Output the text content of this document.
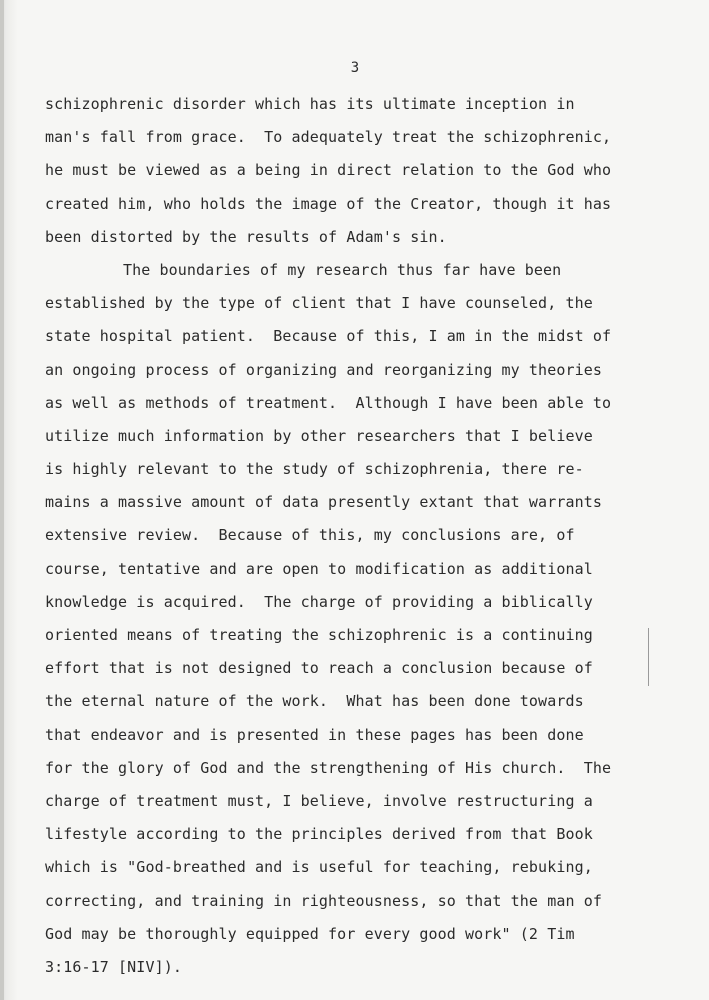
3
schizophrenic disorder which has its ultimate inception in
man's fall from grace.  To adequately treat the schizophrenic,
he must be viewed as a being in direct relation to the God who
created him, who holds the image of the Creator, though it has
been distorted by the results of Adam's sin.
The boundaries of my research thus far have been
established by the type of client that I have counseled, the
state hospital patient.  Because of this, I am in the midst of
an ongoing process of organizing and reorganizing my theories
as well as methods of treatment.  Although I have been able to
utilize much information by other researchers that I believe
is highly relevant to the study of schizophrenia, there re-
mains a massive amount of data presently extant that warrants
extensive review.  Because of this, my conclusions are, of
course, tentative and are open to modification as additional
knowledge is acquired.  The charge of providing a biblically
oriented means of treating the schizophrenic is a continuing
effort that is not designed to reach a conclusion because of
the eternal nature of the work.  What has been done towards
that endeavor and is presented in these pages has been done
for the glory of God and the strengthening of His church.  The
charge of treatment must, I believe, involve restructuring a
lifestyle according to the principles derived from that Book
which is "God-breathed and is useful for teaching, rebuking,
correcting, and training in righteousness, so that the man of
God may be thoroughly equipped for every good work" (2 Tim
3:16-17 [NIV]).
